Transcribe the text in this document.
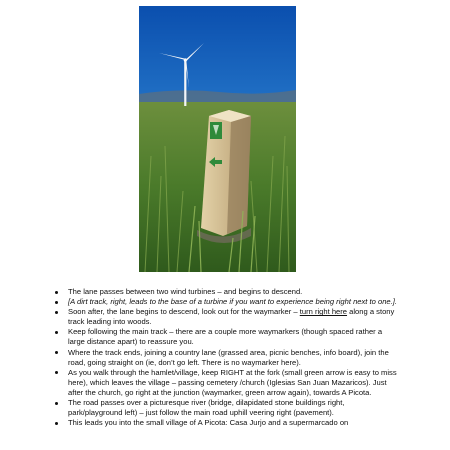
The lane passes between two wind turbines – and begins to descend.
[A dirt track, right, leads to the base of a turbine if you want to experience being right next to one.].
Soon after, the lane begins to descend, look out for the waymarker – turn right here along a stony track leading into woods.
Keep following the main track – there are a couple more waymarkers (though spaced rather a large distance apart) to reassure you.
Where the track ends, joining a country lane (grassed area, picnic benches, info board), join the road, going straight on (ie, don’t go left. There is no waymarker here).
As you walk through the hamlet/village, keep RIGHT at the fork (small green arrow is easy to miss here), which leaves the village – passing cemetery /church (Iglesias San Juan Mazaricos). Just after the church, go right at the junction (waymarker, green arrow again), towards A Picota.
The road passes over a picturesque river (bridge, dilapidated stone buildings right, park/playground left) – just follow the main road uphill veering right (pavement).
This leads you into the small village of A Picota: Casa Jurjo and a supermarcado on
